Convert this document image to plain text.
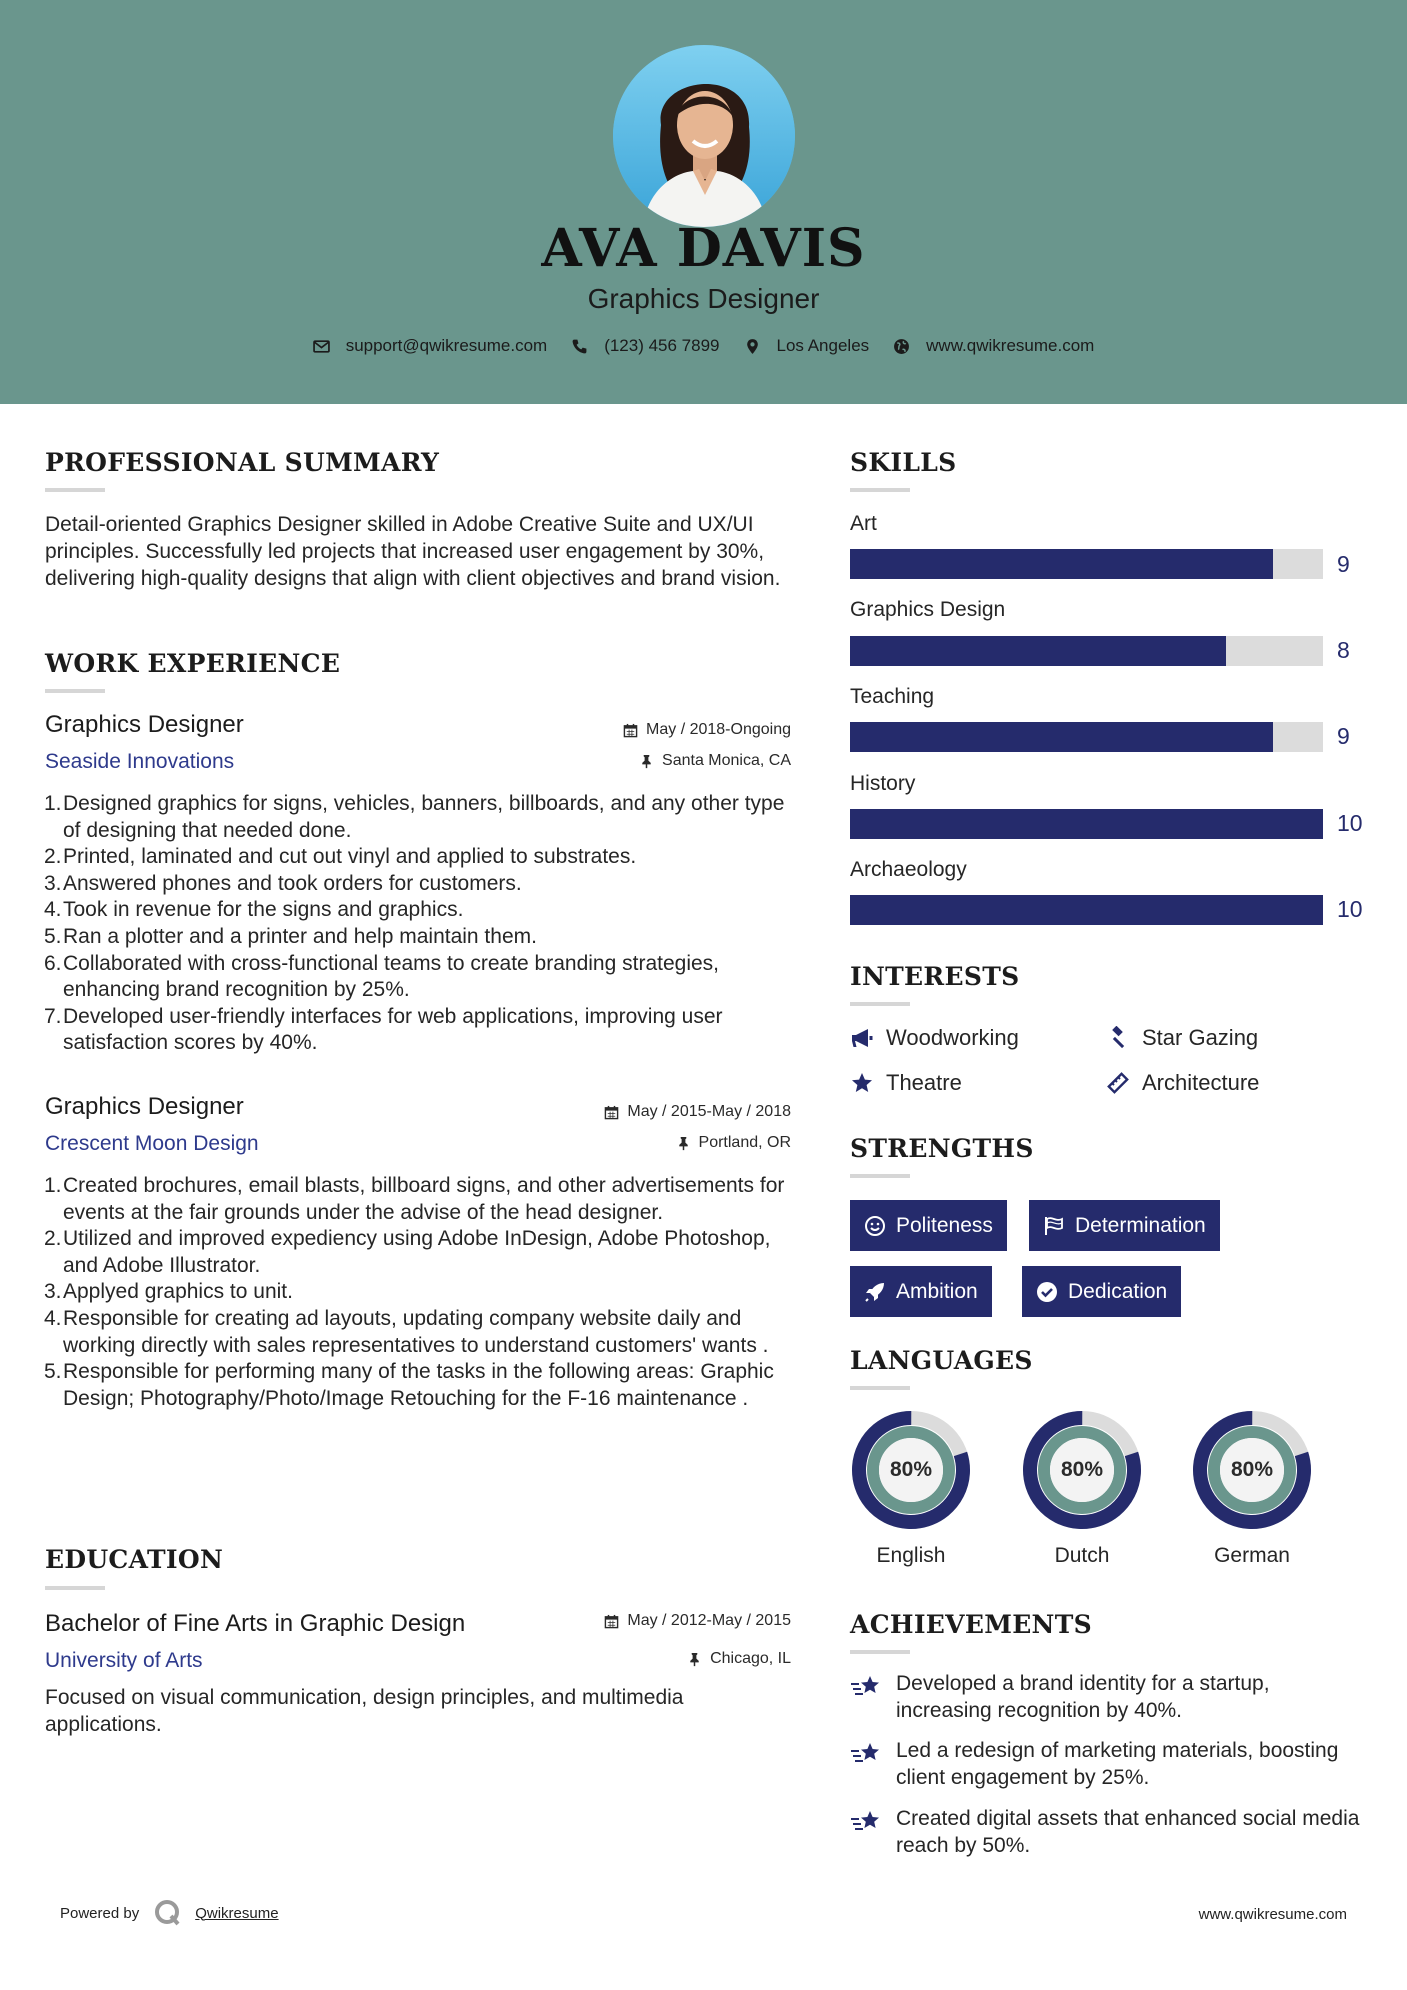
AVA DAVIS
Graphics Designer
support@qwikresume.com	(123) 456 7899	Los Angeles	www.qwikresume.com
PROFESSIONAL SUMMARY
Detail-oriented Graphics Designer skilled in Adobe Creative Suite and UX/UI principles. Successfully led projects that increased user engagement by 30%, delivering high-quality designs that align with client objectives and brand vision.
WORK EXPERIENCE
Graphics Designer
Seaside Innovations
May / 2018-Ongoing
Santa Monica, CA
1. Designed graphics for signs, vehicles, banners, billboards, and any other type of designing that needed done.
2. Printed, laminated and cut out vinyl and applied to substrates.
3. Answered phones and took orders for customers.
4. Took in revenue for the signs and graphics.
5. Ran a plotter and a printer and help maintain them.
6. Collaborated with cross-functional teams to create branding strategies, enhancing brand recognition by 25%.
7. Developed user-friendly interfaces for web applications, improving user satisfaction scores by 40%.
Graphics Designer
Crescent Moon Design
May / 2015-May / 2018
Portland, OR
1. Created brochures, email blasts, billboard signs, and other advertisements for events at the fair grounds under the advise of the head designer.
2. Utilized and improved expediency using Adobe InDesign, Adobe Photoshop, and Adobe Illustrator.
3. Applyed graphics to unit.
4. Responsible for creating ad layouts, updating company website daily and working directly with sales representatives to understand customers' wants .
5. Responsible for performing many of the tasks in the following areas: Graphic Design; Photography/Photo/Image Retouching for the F-16 maintenance .
EDUCATION
Bachelor of Fine Arts in Graphic Design
University of Arts
May / 2012-May / 2015
Chicago, IL
Focused on visual communication, design principles, and multimedia applications.
SKILLS
Art
9
Graphics Design
8
Teaching
9
History
10
Archaeology
10
INTERESTS
Woodworking	Star Gazing
Theatre	Architecture
STRENGTHS
Politeness	Determination
Ambition	Dedication
LANGUAGES
80%
English
80%
Dutch
80%
German
ACHIEVEMENTS
Developed a brand identity for a startup, increasing recognition by 40%.
Led a redesign of marketing materials, boosting client engagement by 25%.
Created digital assets that enhanced social media reach by 50%.
Powered by	Qwikresume	www.qwikresume.com
